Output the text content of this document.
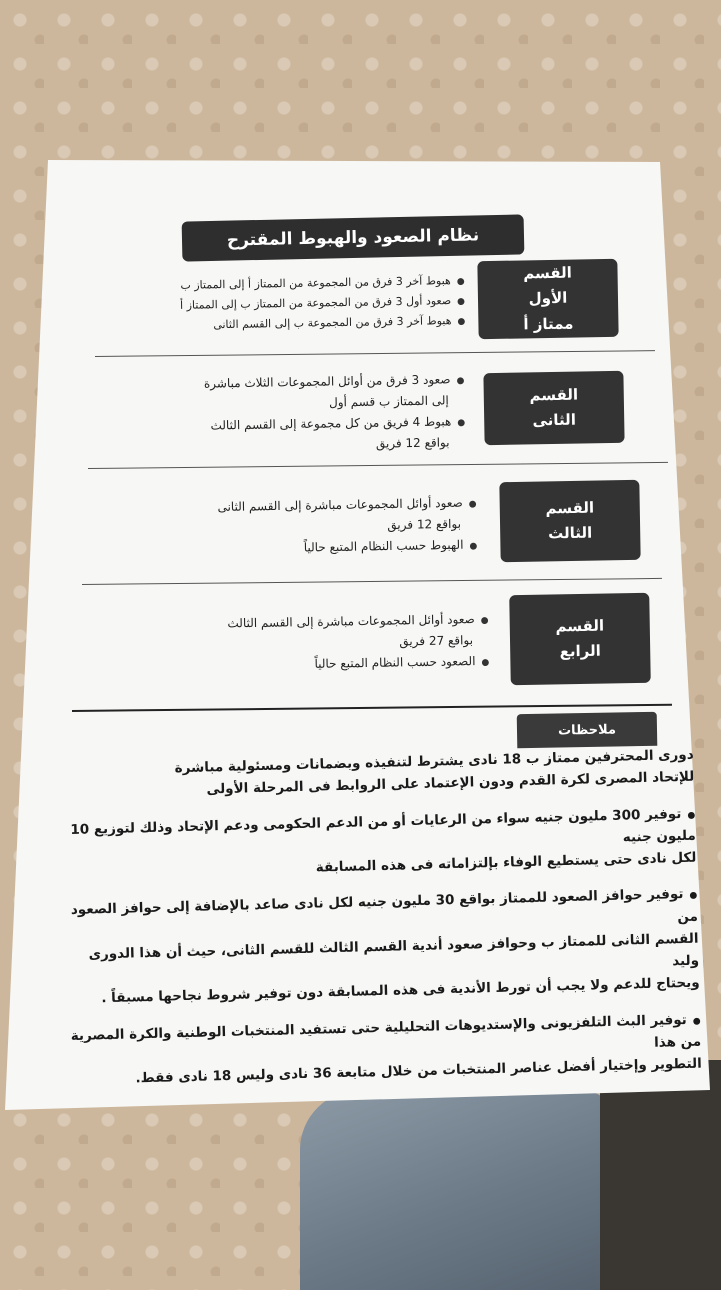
نظام الصعود والهبوط المقترح
القسم
الأول
ممتاز أ
● هبوط آخر 3 فرق من المجموعة من الممتاز أ إلى الممتاز ب
● صعود أول 3 فرق من المجموعة من الممتاز ب إلى الممتاز أ
● هبوط آخر 3 فرق من المجموعة ب إلى القسم الثانى
القسم
الثانى
● صعود 3 فرق من أوائل المجموعات الثلاث مباشرة
إلى الممتاز ب قسم أول
● هبوط 4 فريق من كل مجموعة إلى القسم الثالث
بواقع 12 فريق
القسم
الثالث
● صعود أوائل المجموعات مباشرة إلى القسم الثانى
بواقع 12 فريق
● الهبوط حسب النظام المتبع حالياً
القسم
الرابع
● صعود أوائل المجموعات مباشرة إلى القسم الثالث
بواقع 27 فريق
● الصعود حسب النظام المتبع حالياً
ملاحظات
دورى المحترفين ممتاز ب 18 نادى يشترط لتنفيذه وبضمانات ومسئولية مباشرة
للإتحاد المصرى لكرة القدم ودون الإعتماد على الروابط فى المرحلة الأولى
● توفير 300 مليون جنيه سواء من الرعايات أو من الدعم الحكومى ودعم الإتحاد وذلك لتوزيع 10 مليون جنيه
لكل نادى حتى يستطيع الوفاء بإلتزاماته فى هذه المسابقة
● توفير حوافز الصعود للممتاز بواقع 30 مليون جنيه لكل نادى صاعد بالإضافة إلى حوافز الصعود من
القسم الثانى للممتاز ب وحوافز صعود أندية القسم الثالث للقسم الثانى، حيث أن هذا الدورى وليد
ويحتاج للدعم ولا يجب أن تورط الأندية فى هذه المسابقة دون توفير شروط نجاحها مسبقاً .
● توفير البث التلفزيونى والإستديوهات التحليلية حتى تستفيد المنتخبات الوطنية والكرة المصرية من هذا
التطوير وإختيار أفضل عناصر المنتخبات من خلال متابعة 36 نادى وليس 18 نادى فقط.
